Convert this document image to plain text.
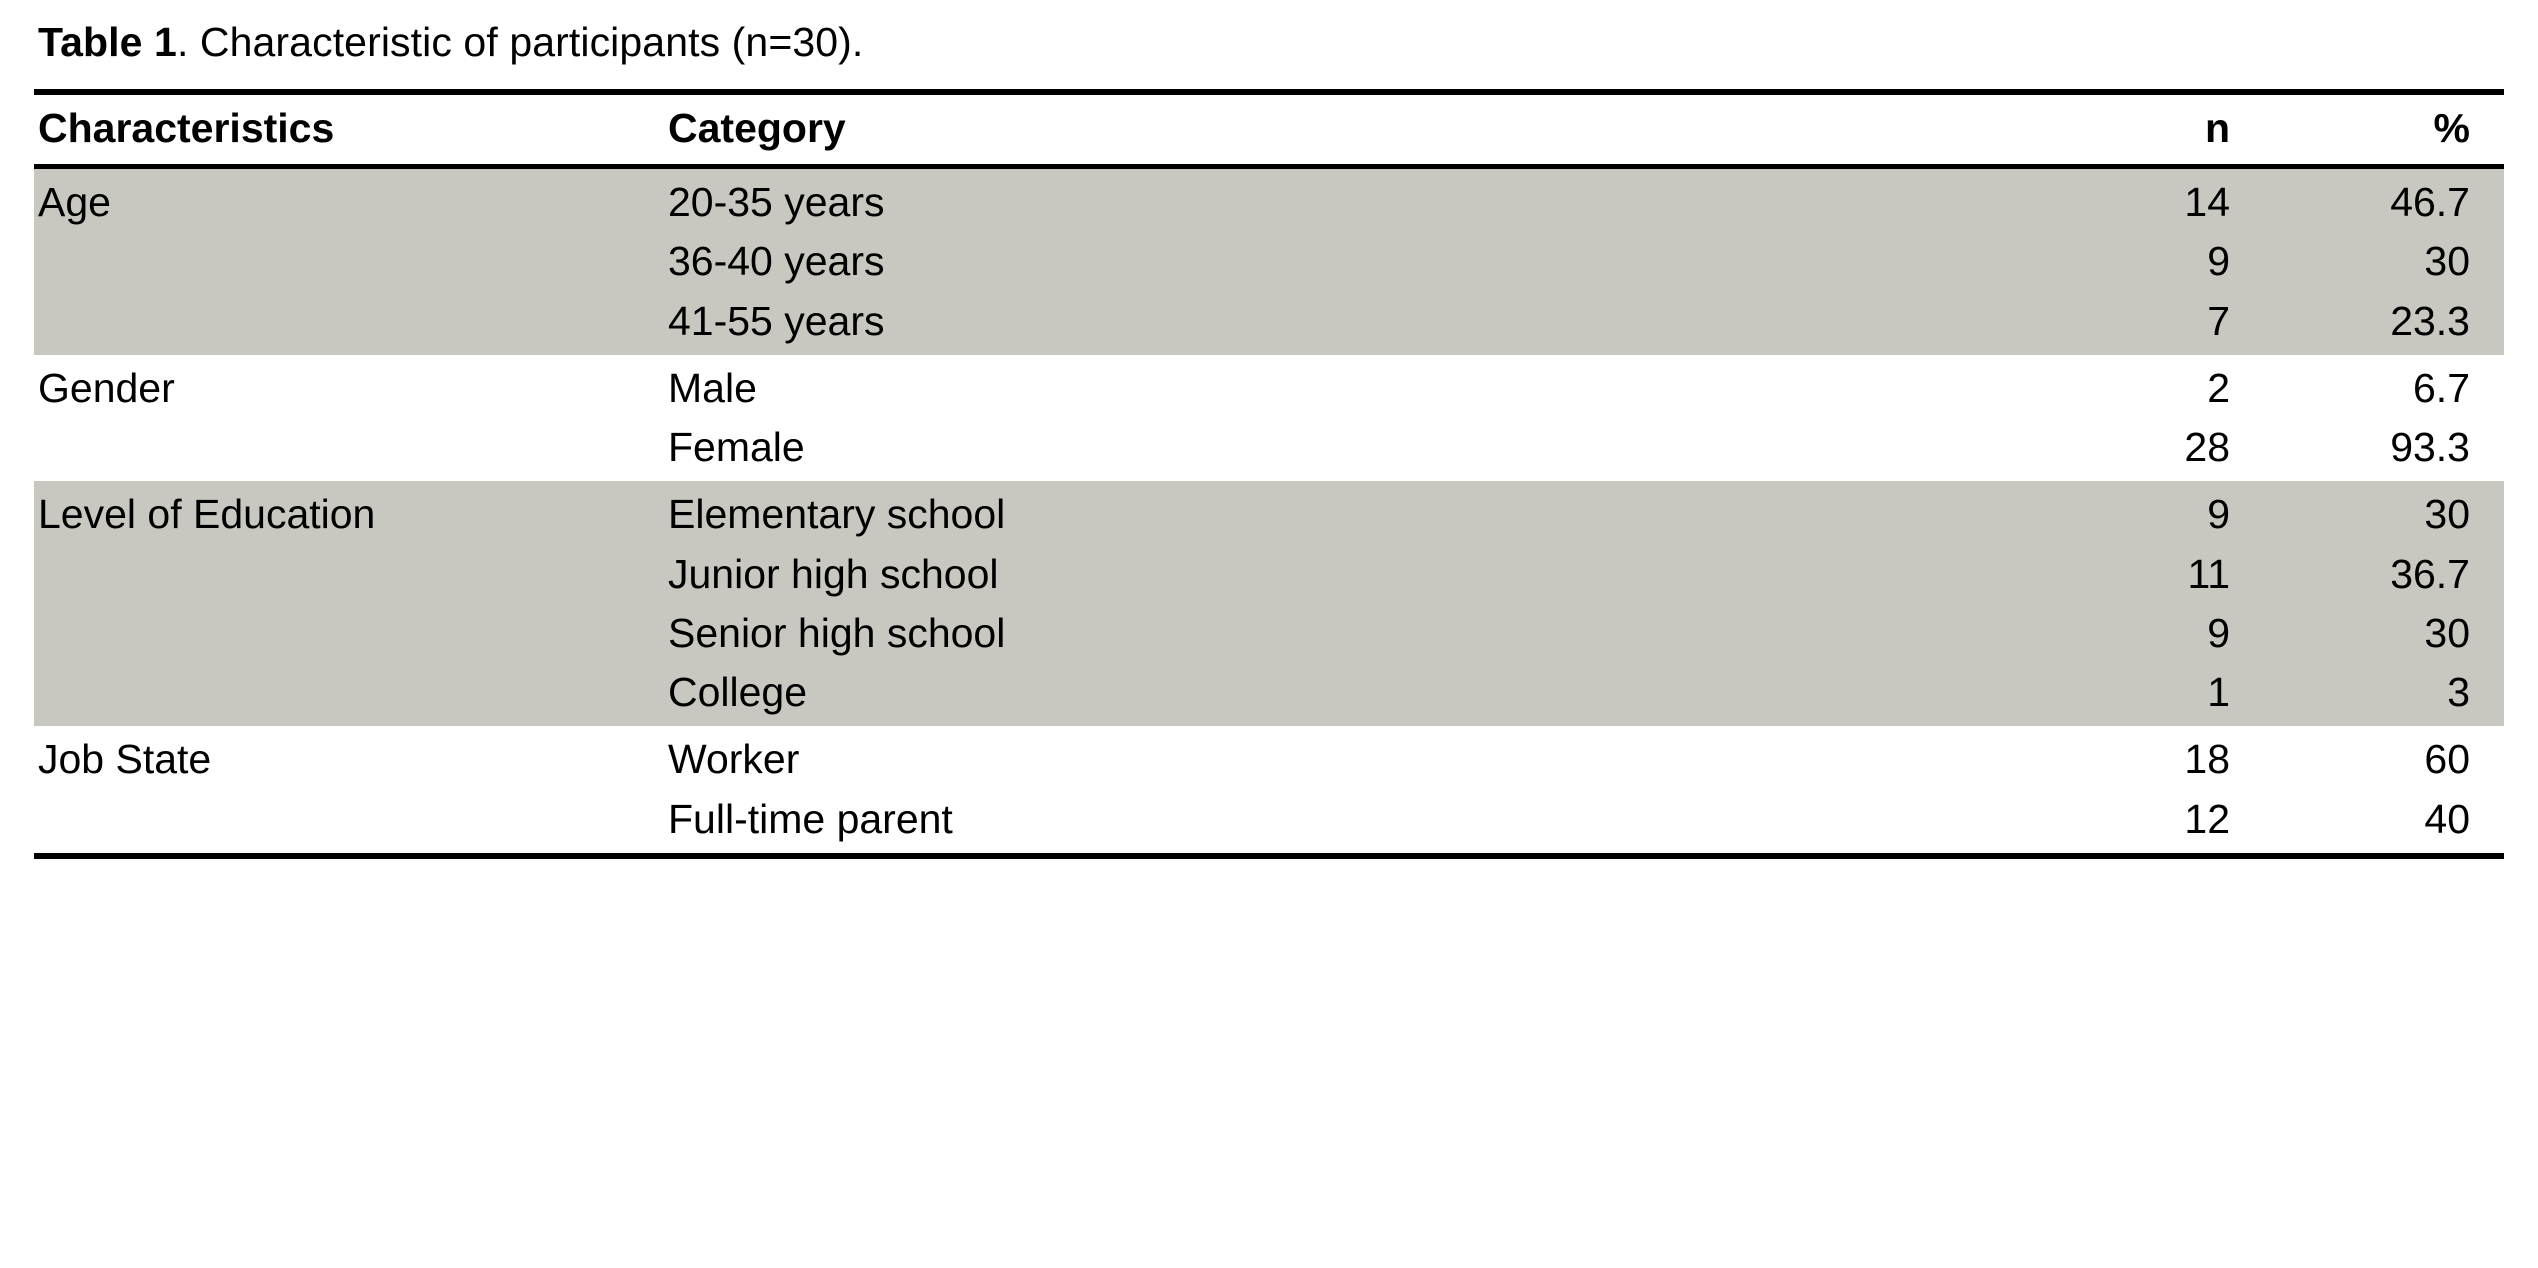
Table 1. Characteristic of participants (n=30).

Characteristics	Category	n	%
Age	20-35 years	14	46.7
	36-40 years	9	30
	41-55 years	7	23.3
Gender	Male	2	6.7
	Female	28	93.3
Level of Education	Elementary school	9	30
	Junior high school	11	36.7
	Senior high school	9	30
	College	1	3
Job State	Worker	18	60
	Full-time parent	12	40
